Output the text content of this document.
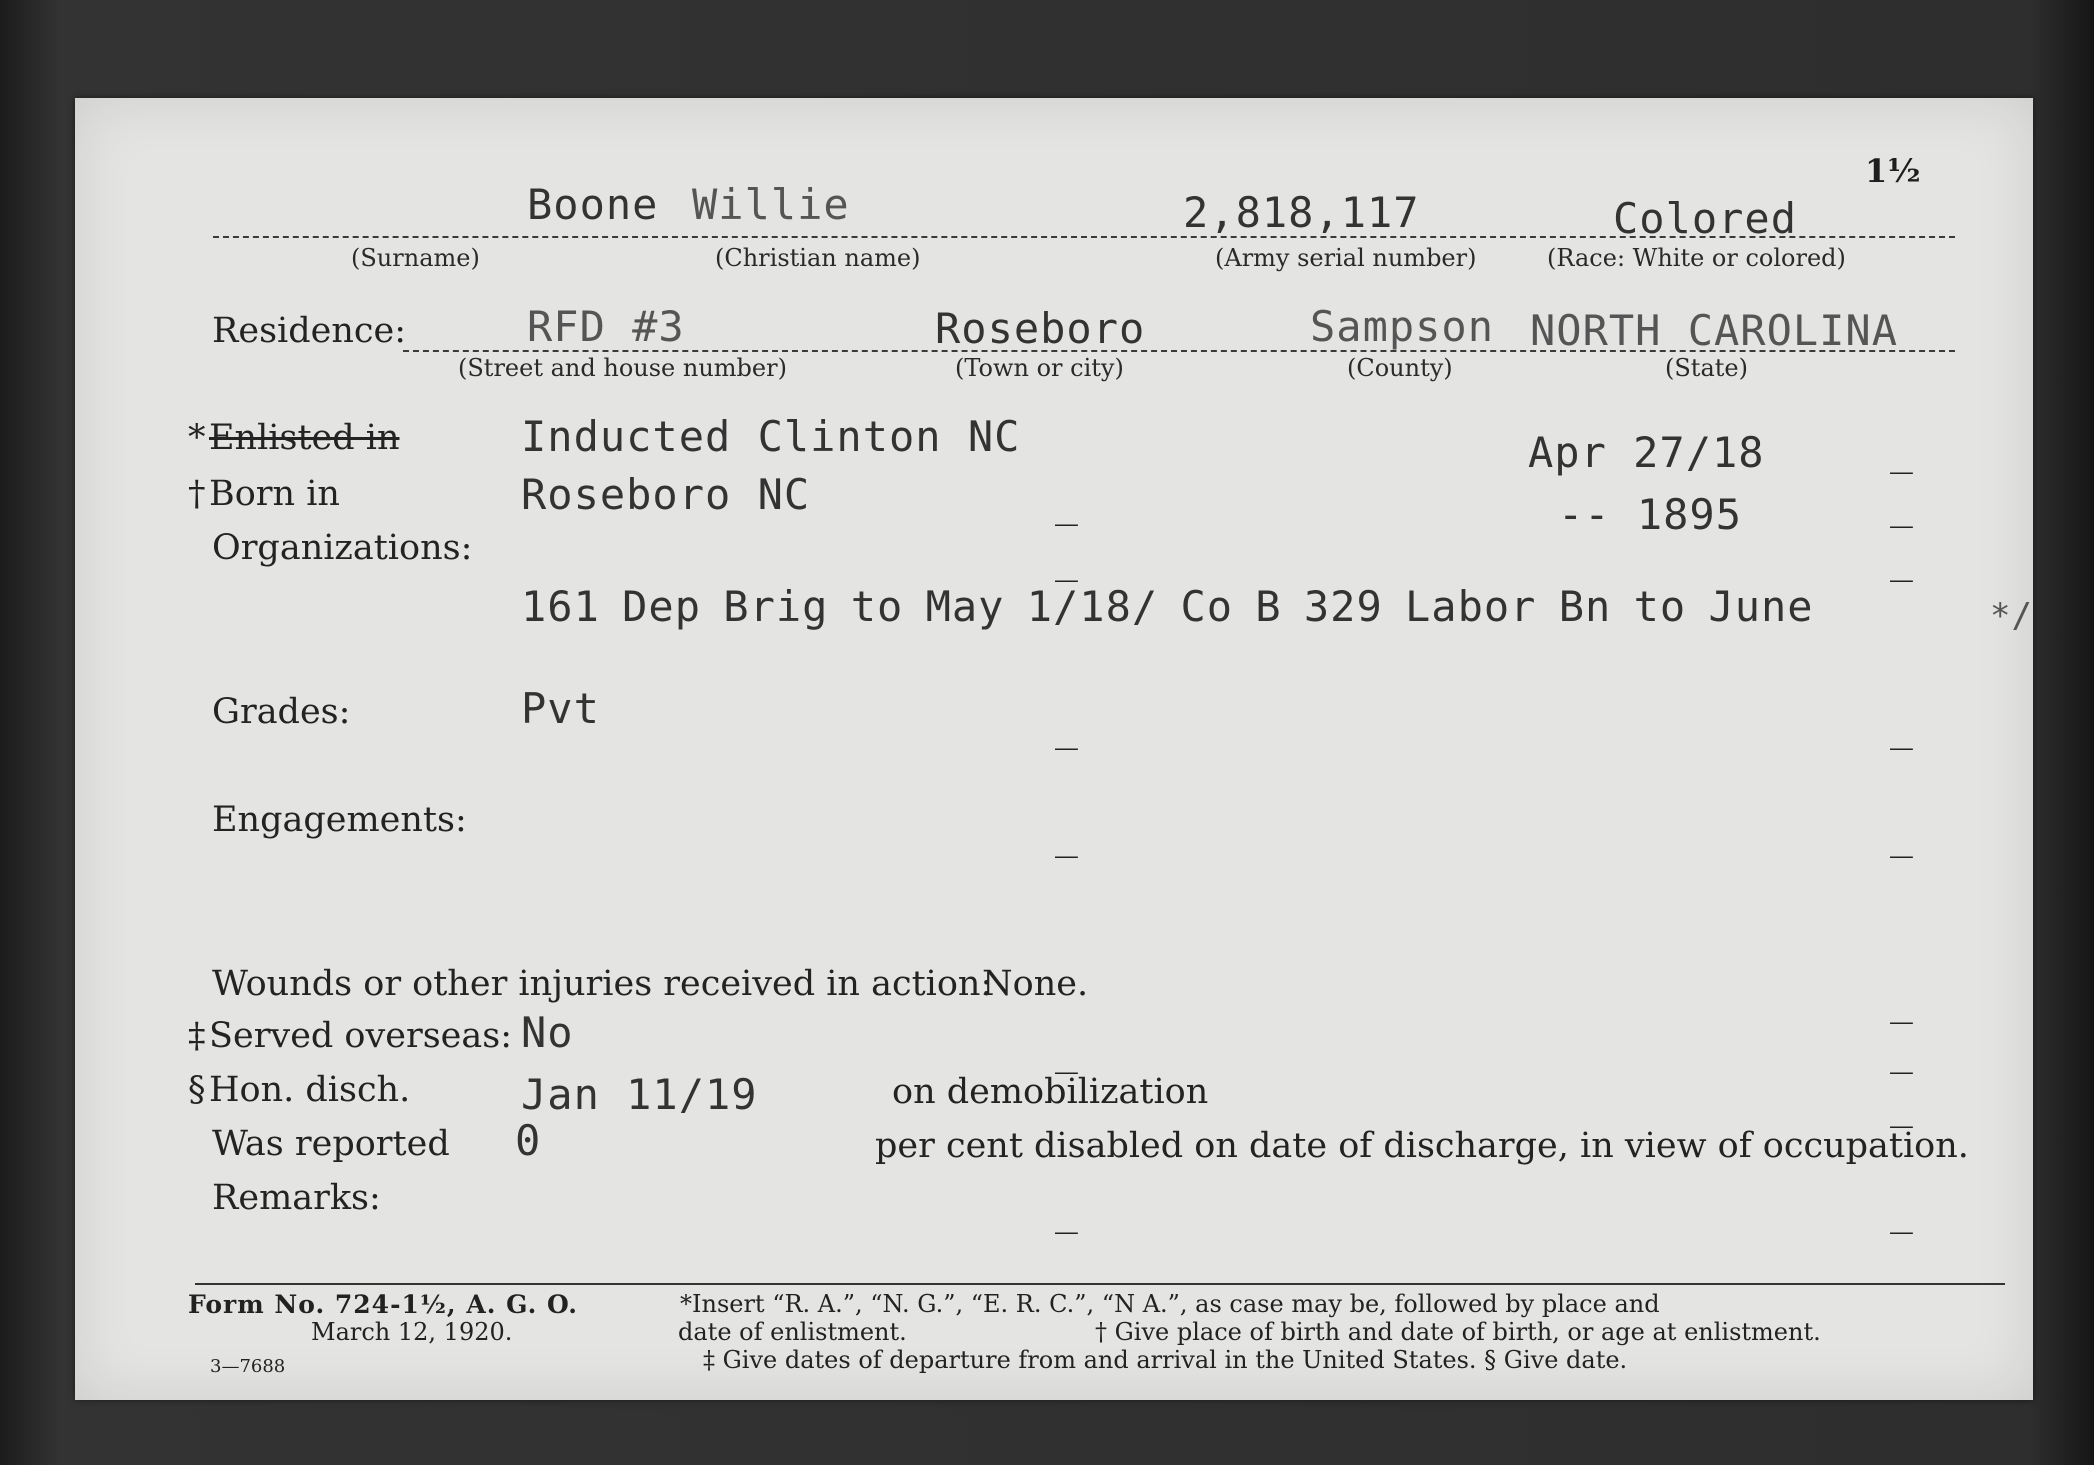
1½
Boone Willie	2,818,117	Colored
(Surname)	(Christian name)	(Army serial number)	(Race: White or colored)
Residence:	RFD #3	Roseboro	Sampson NORTH CAROLINA
(Street and house number)	(Town or city)	(County)	(State)
* Enlisted in	Inducted Clinton NC	Apr 27/18	_
† Born in	Roseboro NC	_	-- 1895	_
Organizations:	_	_
161 Dep Brig to May 1/18/ Co B 329 Labor Bn to June	*/
Grades:	Pvt	_	_
Engagements:	_	_
Wounds or other injuries received in action:
None.	_
‡ Served overseas: No	_	_
§ Hon. disch.	Jan 11/19	on demobilization	_
Was reported 0	per cent disabled on date of discharge, in view of occupation.
Remarks:	_	_
Form No. 724-1½, A. G. O.
March 12, 1920.
3—7688
*Insert “R. A.”, “N. G.”, “E. R. C.”, “N A.”, as case may be, followed by place and
date of enlistment.	† Give place of birth and date of birth, or age at enlistment.
‡ Give dates of departure from and arrival in the United States. § Give date.
